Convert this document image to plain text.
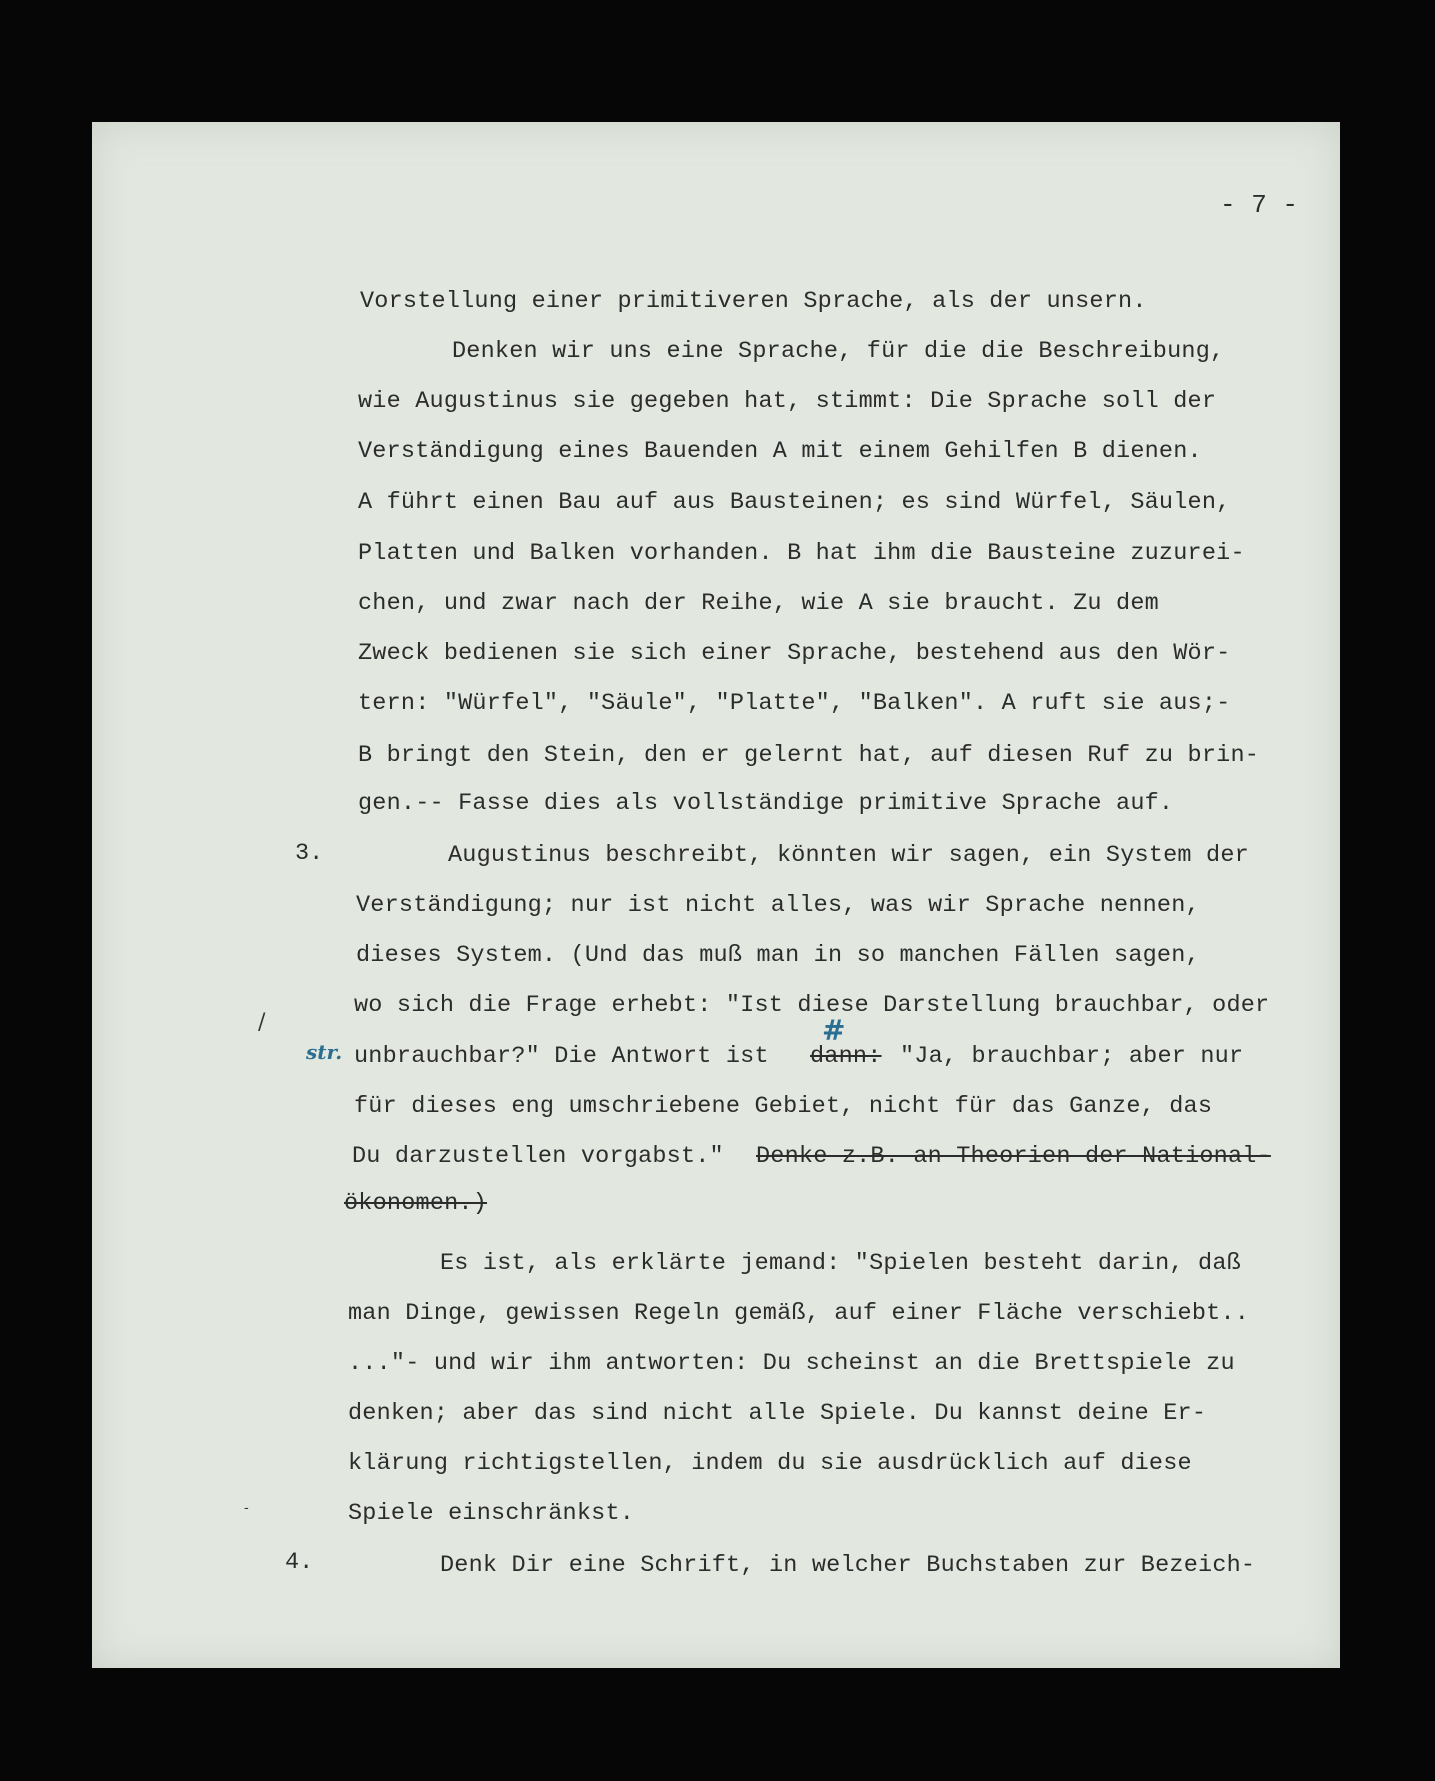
- 7 -
Vorstellung einer primitiveren Sprache, als der unsern.
Denken wir uns eine Sprache, für die die Beschreibung,
wie Augustinus sie gegeben hat, stimmt: Die Sprache soll der
Verständigung eines Bauenden A mit einem Gehilfen B dienen.
A führt einen Bau auf aus Bausteinen; es sind Würfel, Säulen,
Platten und Balken vorhanden. B hat ihm die Bausteine zuzurei-
chen, und zwar nach der Reihe, wie A sie braucht. Zu dem
Zweck bedienen sie sich einer Sprache, bestehend aus den Wör-
tern: "Würfel", "Säule", "Platte", "Balken". A ruft sie aus;-
B bringt den Stein, den er gelernt hat, auf diesen Ruf zu brin-
gen.-- Fasse dies als vollständige primitive Sprache auf.
3.	Augustinus beschreibt, könnten wir sagen, ein System der
Verständigung; nur ist nicht alles, was wir Sprache nennen,
dieses System. (Und das muß man in so manchen Fällen sagen,
wo sich die Frage erhebt: "Ist diese Darstellung brauchbar, oder
/
str. unbrauchbar?" Die Antwort ist dann:
#
"Ja, brauchbar; aber nur
für dieses eng umschriebene Gebiet, nicht für das Ganze, das
Du darzustellen vorgabst." Denke z.B. an Theorien der National-
ökonomen.)
Es ist, als erklärte jemand: "Spielen besteht darin, daß
man Dinge, gewissen Regeln gemäß, auf einer Fläche verschiebt..
..."- und wir ihm antworten: Du scheinst an die Brettspiele zu
denken; aber das sind nicht alle Spiele. Du kannst deine Er-
klärung richtigstellen, indem du sie ausdrücklich auf diese
Spiele einschränkst.
-
4.	Denk Dir eine Schrift, in welcher Buchstaben zur Bezeich-
